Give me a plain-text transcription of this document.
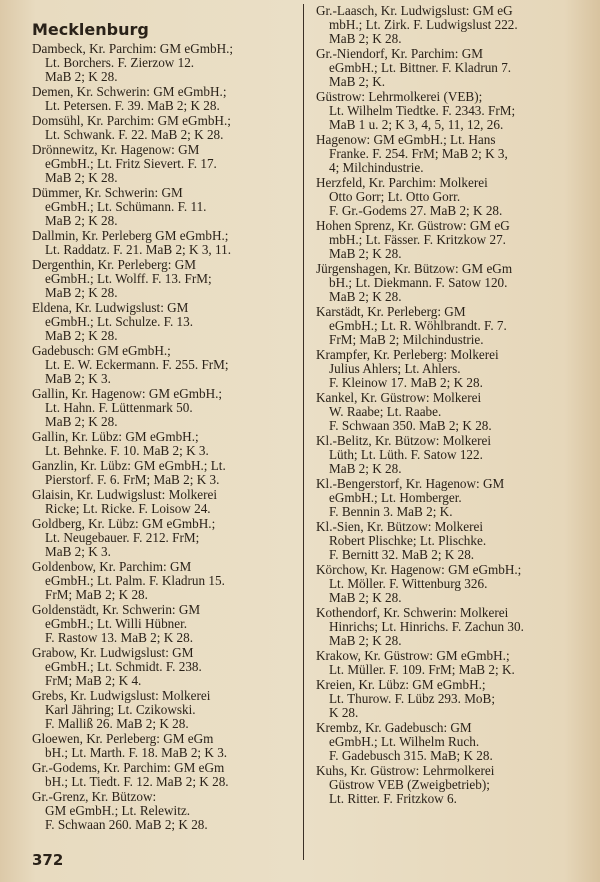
Mecklenburg
Dambeck, Kr. Parchim: GM eGmbH.;
Lt. Borchers. F. Zierzow 12.
MaB 2; K 28.
Demen, Kr. Schwerin: GM eGmbH.;
Lt. Petersen. F. 39. MaB 2; K 28.
Domsühl, Kr. Parchim: GM eGmbH.;
Lt. Schwank. F. 22. MaB 2; K 28.
Drönnewitz, Kr. Hagenow: GM
eGmbH.; Lt. Fritz Sievert. F. 17.
MaB 2; K 28.
Dümmer, Kr. Schwerin: GM
eGmbH.; Lt. Schümann. F. 11.
MaB 2; K 28.
Dallmin, Kr. Perleberg GM eGmbH.;
Lt. Raddatz. F. 21. MaB 2; K 3, 11.
Dergenthin, Kr. Perleberg: GM
eGmbH.; Lt. Wolff. F. 13. FrM;
MaB 2; K 28.
Eldena, Kr. Ludwigslust: GM
eGmbH.; Lt. Schulze. F. 13.
MaB 2; K 28.
Gadebusch: GM eGmbH.;
Lt. E. W. Eckermann. F. 255. FrM;
MaB 2; K 3.
Gallin, Kr. Hagenow: GM eGmbH.;
Lt. Hahn. F. Lüttenmark 50.
MaB 2; K 28.
Gallin, Kr. Lübz: GM eGmbH.;
Lt. Behnke. F. 10. MaB 2; K 3.
Ganzlin, Kr. Lübz: GM eGmbH.; Lt.
Pierstorf. F. 6. FrM; MaB 2; K 3.
Glaisin, Kr. Ludwigslust: Molkerei
Ricke; Lt. Ricke. F. Loisow 24.
Goldberg, Kr. Lübz: GM eGmbH.;
Lt. Neugebauer. F. 212. FrM;
MaB 2; K 3.
Goldenbow, Kr. Parchim: GM
eGmbH.; Lt. Palm. F. Kladrun 15.
FrM; MaB 2; K 28.
Goldenstädt, Kr. Schwerin: GM
eGmbH.; Lt. Willi Hübner.
F. Rastow 13. MaB 2; K 28.
Grabow, Kr. Ludwigslust: GM
eGmbH.; Lt. Schmidt. F. 238.
FrM; MaB 2; K 4.
Grebs, Kr. Ludwigslust: Molkerei
Karl Jähring; Lt. Czikowski.
F. Malliß 26. MaB 2; K 28.
Gloewen, Kr. Perleberg: GM eGm
bH.; Lt. Marth. F. 18. MaB 2; K 3.
Gr.-Godems, Kr. Parchim: GM eGm
bH.; Lt. Tiedt. F. 12. MaB 2; K 28.
Gr.-Grenz, Kr. Bützow:
GM eGmbH.; Lt. Relewitz.
F. Schwaan 260. MaB 2; K 28.
Gr.-Laasch, Kr. Ludwigslust: GM eG
mbH.; Lt. Zirk. F. Ludwigslust 222.
MaB 2; K 28.
Gr.-Niendorf, Kr. Parchim: GM
eGmbH.; Lt. Bittner. F. Kladrun 7.
MaB 2; K.
Güstrow: Lehrmolkerei (VEB);
Lt. Wilhelm Tiedtke. F. 2343. FrM;
MaB 1 u. 2; K 3, 4, 5, 11, 12, 26.
Hagenow: GM eGmbH.; Lt. Hans
Franke. F. 254. FrM; MaB 2; K 3,
4; Milchindustrie.
Herzfeld, Kr. Parchim: Molkerei
Otto Gorr; Lt. Otto Gorr.
F. Gr.-Godems 27. MaB 2; K 28.
Hohen Sprenz, Kr. Güstrow: GM eG
mbH.; Lt. Fässer. F. Kritzkow 27.
MaB 2; K 28.
Jürgenshagen, Kr. Bützow: GM eGm
bH.; Lt. Diekmann. F. Satow 120.
MaB 2; K 28.
Karstädt, Kr. Perleberg: GM
eGmbH.; Lt. R. Wöhlbrandt. F. 7.
FrM; MaB 2; Milchindustrie.
Krampfer, Kr. Perleberg: Molkerei
Julius Ahlers; Lt. Ahlers.
F. Kleinow 17. MaB 2; K 28.
Kankel, Kr. Güstrow: Molkerei
W. Raabe; Lt. Raabe.
F. Schwaan 350. MaB 2; K 28.
Kl.-Belitz, Kr. Bützow: Molkerei
Lüth; Lt. Lüth. F. Satow 122.
MaB 2; K 28.
Kl.-Bengerstorf, Kr. Hagenow: GM
eGmbH.; Lt. Homberger.
F. Bennin 3. MaB 2; K.
Kl.-Sien, Kr. Bützow: Molkerei
Robert Plischke; Lt. Plischke.
F. Bernitt 32. MaB 2; K 28.
Körchow, Kr. Hagenow: GM eGmbH.;
Lt. Möller. F. Wittenburg 326.
MaB 2; K 28.
Kothendorf, Kr. Schwerin: Molkerei
Hinrichs; Lt. Hinrichs. F. Zachun 30.
MaB 2; K 28.
Krakow, Kr. Güstrow: GM eGmbH.;
Lt. Müller. F. 109. FrM; MaB 2; K.
Kreien, Kr. Lübz: GM eGmbH.;
Lt. Thurow. F. Lübz 293. MoB;
K 28.
Krembz, Kr. Gadebusch: GM
eGmbH.; Lt. Wilhelm Ruch.
F. Gadebusch 315. MaB; K 28.
Kuhs, Kr. Güstrow: Lehrmolkerei
Güstrow VEB (Zweigbetrieb);
Lt. Ritter. F. Fritzkow 6.
372
